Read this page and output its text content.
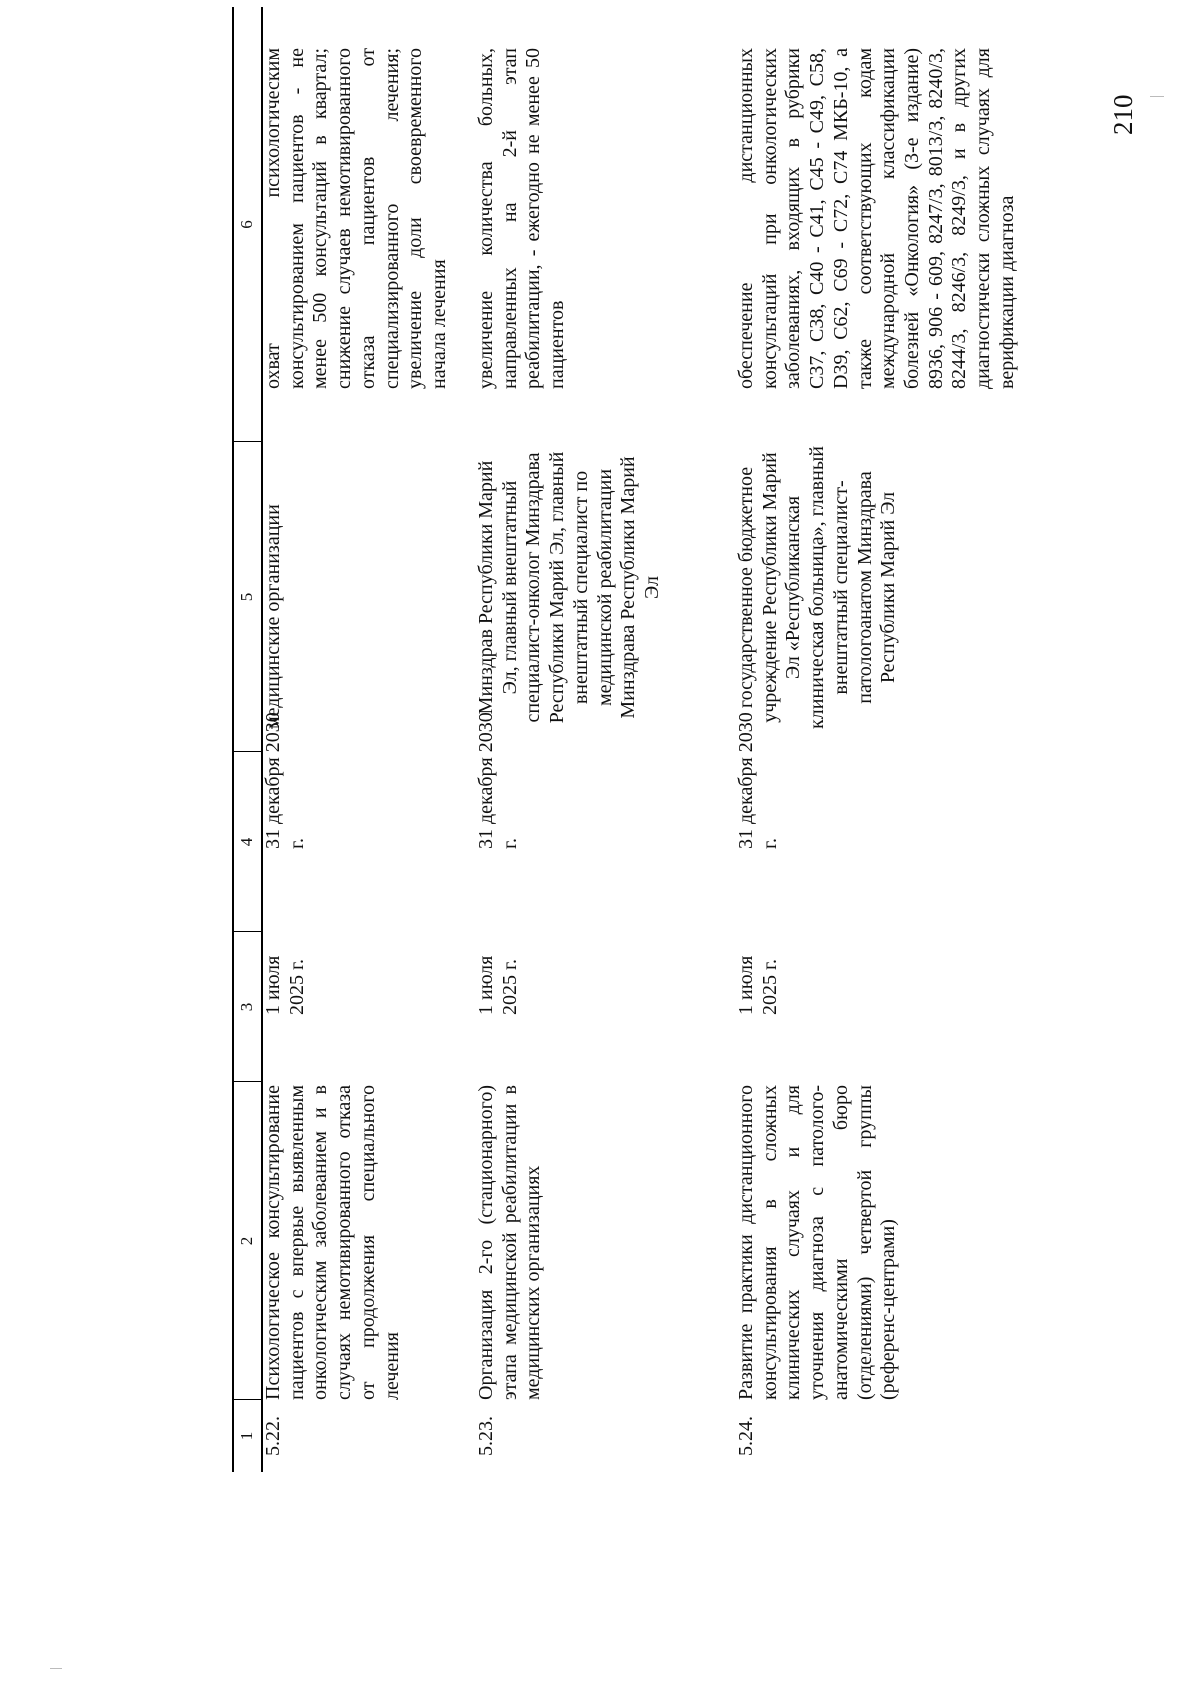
210
1
2
3
4
5
6
5.22.
Психологическое консультирование пациентов с впервые выявленным онкологическим заболеванием и в случаях немотивированного отказа от продолжения специального лечения
1 июля 2025 г.
31 декабря 2030 г.
медицинские организации
охват психологическим консультированием пациентов - не менее 500 консультаций в квартал; снижение случаев немотивированного отказа пациентов от специализированного лечения; увеличение доли своевременного начала лечения
5.23.
Организация 2-го (стационарного) этапа медицинской реабилитации в медицинских организациях
1 июля 2025 г.
31 декабря 2030 г.
Минздрав Республики Марий Эл, главный внештатный специалист-онколог Минздрава Республики Марий Эл, главный внештатный специалист по медицинской реабилитации Минздрава Республики Марий Эл
увеличение количества больных, направленных на 2-й этап реабилитации, - ежегодно не менее 50 пациентов
5.24.
Развитие практики дистанционного консультирования в сложных клинических случаях и для уточнения диагноза с патолого-анатомическими бюро (отделениями) четвертой группы (референс-центрами)
1 июля 2025 г.
31 декабря 2030 г.
государственное бюджетное учреждение Республики Марий Эл «Республиканская клиническая больница», главный внештатный специалист-патологоанатом Минздрава Республики Марий Эл
обеспечение дистанционных консультаций при онкологических заболеваниях, входящих в рубрики С37, С38, С40 - С41, С45 - С49, С58, D39, С62, С69 - С72, С74 МКБ-10, а также соответствующих кодам международной классификации болезней «Онкология» (3-е издание) 8936, 906 - 609, 8247/3, 8013/3, 8240/3, 8244/3, 8246/3, 8249/3, и в других диагностически сложных случаях для верификации диагноза
